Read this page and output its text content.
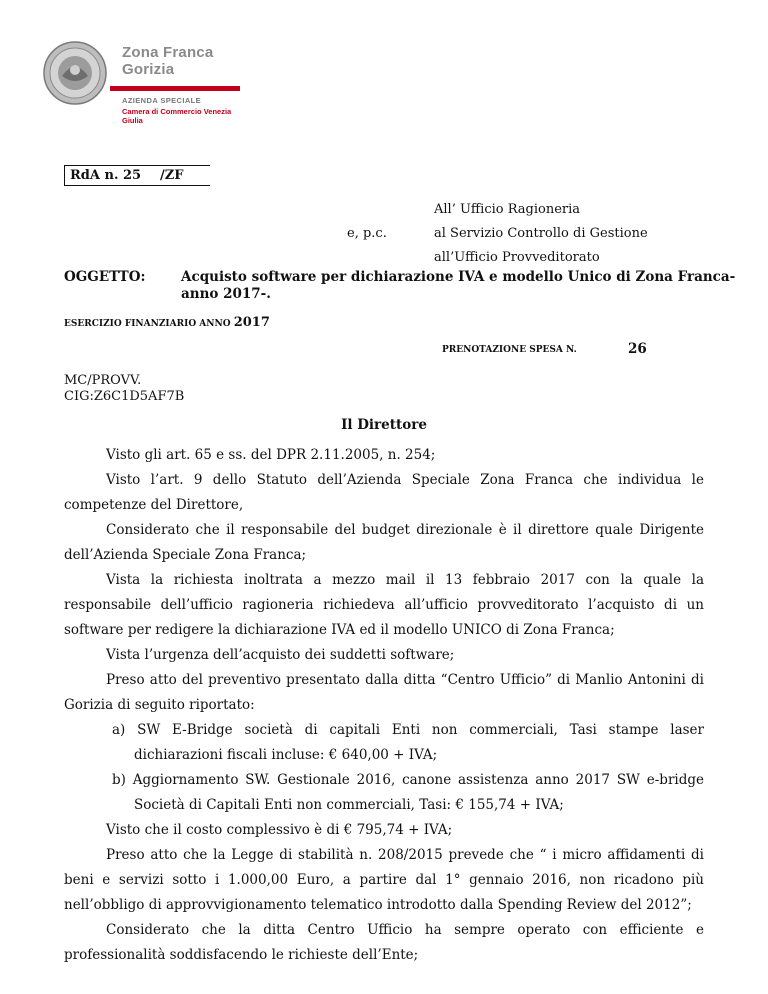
Zona Franca
Gorizia
AZIENDA SPECIALE
Camera di Commercio Venezia Giulia
RdA n. 25 /ZF
All’ Ufficio Ragioneria
e, p.c.	al Servizio Controllo di Gestione
all’Ufficio Provveditorato
OGGETTO:	Acquisto software per dichiarazione IVA e modello Unico di Zona Franca-
anno 2017-.
ESERCIZIO FINANZIARIO ANNO 2017
PRENOTAZIONE SPESA N.	26
MC/PROVV.
CIG:Z6C1D5AF7B
Il Direttore
Visto gli art. 65 e ss. del DPR 2.11.2005, n. 254;
Visto l’art. 9 dello Statuto dell’Azienda Speciale Zona Franca che individua le competenze del Direttore,
Considerato che il responsabile del budget direzionale è il direttore quale Dirigente dell’Azienda Speciale Zona Franca;
Vista la richiesta inoltrata a mezzo mail il 13 febbraio 2017 con la quale la responsabile dell’ufficio ragioneria richiedeva all’ufficio provveditorato l’acquisto di un software per redigere la dichiarazione IVA ed il modello UNICO di Zona Franca;
Vista l’urgenza dell’acquisto dei suddetti software;
Preso atto del preventivo presentato dalla ditta “Centro Ufficio” di Manlio Antonini di Gorizia di seguito riportato:
a) SW E-Bridge società di capitali Enti non commerciali, Tasi stampe laser dichiarazioni fiscali incluse: € 640,00 + IVA;
b) Aggiornamento SW. Gestionale 2016, canone assistenza anno 2017 SW e-bridge Società di Capitali Enti non commerciali, Tasi: € 155,74 + IVA;
Visto che il costo complessivo è di € 795,74 + IVA;
Preso atto che la Legge di stabilità n. 208/2015 prevede che “ i micro affidamenti di beni e servizi sotto i 1.000,00 Euro, a partire dal 1° gennaio 2016, non ricadono più nell’obbligo di approvvigionamento telematico introdotto dalla Spending Review del 2012”;
Considerato che la ditta Centro Ufficio ha sempre operato con efficiente e professionalità soddisfacendo le richieste dell’Ente;
